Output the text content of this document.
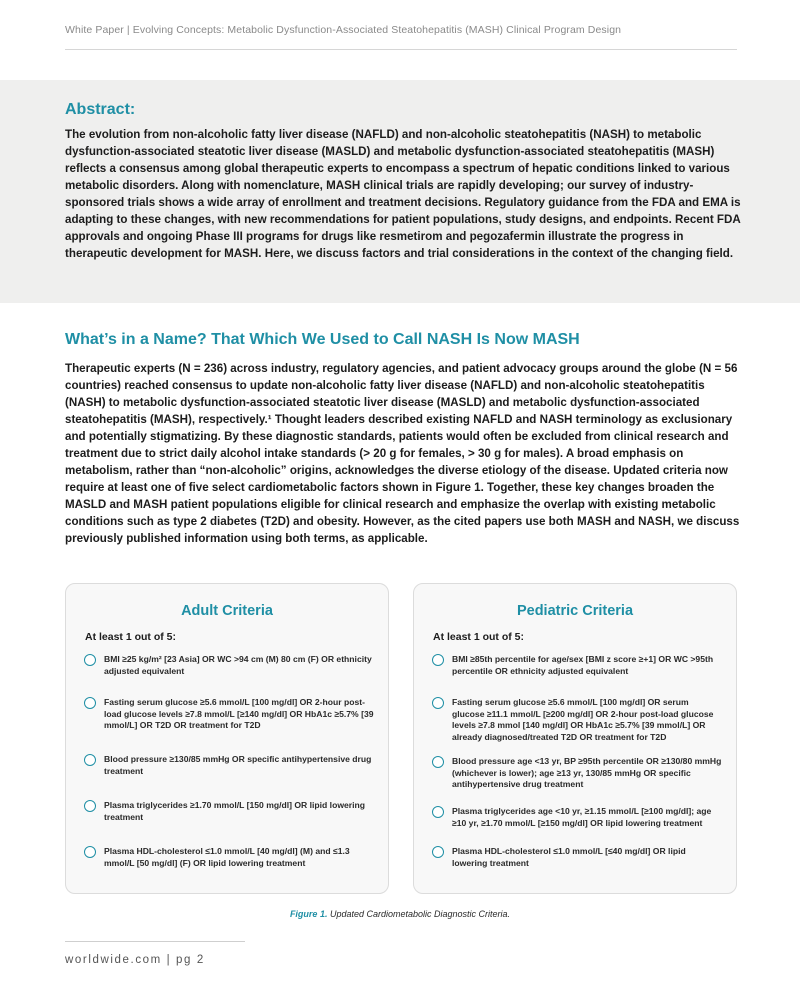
White Paper | Evolving Concepts: Metabolic Dysfunction-Associated Steatohepatitis (MASH) Clinical Program Design
Abstract:
The evolution from non-alcoholic fatty liver disease (NAFLD) and non-alcoholic steatohepatitis (NASH) to metabolic dysfunction-associated steatotic liver disease (MASLD) and metabolic dysfunction-associated steatohepatitis (MASH) reflects a consensus among global therapeutic experts to encompass a spectrum of hepatic conditions linked to various metabolic disorders. Along with nomenclature, MASH clinical trials are rapidly developing; our survey of industry-sponsored trials shows a wide array of enrollment and treatment decisions. Regulatory guidance from the FDA and EMA is adapting to these changes, with new recommendations for patient populations, study designs, and endpoints. Recent FDA approvals and ongoing Phase III programs for drugs like resmetirom and pegozafermin illustrate the progress in therapeutic development for MASH. Here, we discuss factors and trial considerations in the context of the changing field.
What’s in a Name? That Which We Used to Call NASH Is Now MASH
Therapeutic experts (N = 236) across industry, regulatory agencies, and patient advocacy groups around the globe (N = 56 countries) reached consensus to update non-alcoholic fatty liver disease (NAFLD) and non-alcoholic steatohepatitis (NASH) to metabolic dysfunction-associated steatotic liver disease (MASLD) and metabolic dysfunction-associated steatohepatitis (MASH), respectively.¹ Thought leaders described existing NAFLD and NASH terminology as exclusionary and potentially stigmatizing. By these diagnostic standards, patients would often be excluded from clinical research and treatment due to strict daily alcohol intake standards (> 20 g for females, > 30 g for males). A broad emphasis on metabolism, rather than “non-alcoholic” origins, acknowledges the diverse etiology of the disease. Updated criteria now require at least one of five select cardiometabolic factors shown in Figure 1. Together, these key changes broaden the MASLD and MASH patient populations eligible for clinical research and emphasize the overlap with existing metabolic conditions such as type 2 diabetes (T2D) and obesity. However, as the cited papers use both MASH and NASH, we discuss previously published information using both terms, as applicable.
Adult Criteria
At least 1 out of 5:
BMI ≥25 kg/m² [23 Asia] OR WC >94 cm (M) 80 cm (F) OR ethnicity adjusted equivalent
Fasting serum glucose ≥5.6 mmol/L [100 mg/dl] OR 2-hour post-load glucose levels ≥7.8 mmol/L [≥140 mg/dl] OR HbA1c ≥5.7% [39 mmol/L] OR T2D OR treatment for T2D
Blood pressure ≥130/85 mmHg OR specific antihypertensive drug treatment
Plasma triglycerides ≥1.70 mmol/L [150 mg/dl] OR lipid lowering treatment
Plasma HDL-cholesterol ≤1.0 mmol/L [40 mg/dl] (M) and ≤1.3 mmol/L [50 mg/dl] (F) OR lipid lowering treatment
Pediatric Criteria
At least 1 out of 5:
BMI ≥85th percentile for age/sex [BMI z score ≥+1] OR WC >95th percentile OR ethnicity adjusted equivalent
Fasting serum glucose ≥5.6 mmol/L [100 mg/dl] OR serum glucose ≥11.1 mmol/L [≥200 mg/dl] OR 2-hour post-load glucose levels ≥7.8 mmol [140 mg/dl] OR HbA1c ≥5.7% [39 mmol/L] OR already diagnosed/treated T2D OR treatment for T2D
Blood pressure age <13 yr, BP ≥95th percentile OR ≥130/80 mmHg (whichever is lower); age ≥13 yr, 130/85 mmHg OR specific antihypertensive drug treatment
Plasma triglycerides age <10 yr, ≥1.15 mmol/L [≥100 mg/dl]; age ≥10 yr, ≥1.70 mmol/L [≥150 mg/dl] OR lipid lowering treatment
Plasma HDL-cholesterol ≤1.0 mmol/L [≤40 mg/dl] OR lipid lowering treatment
Figure 1. Updated Cardiometabolic Diagnostic Criteria.
worldwide.com | pg 2
